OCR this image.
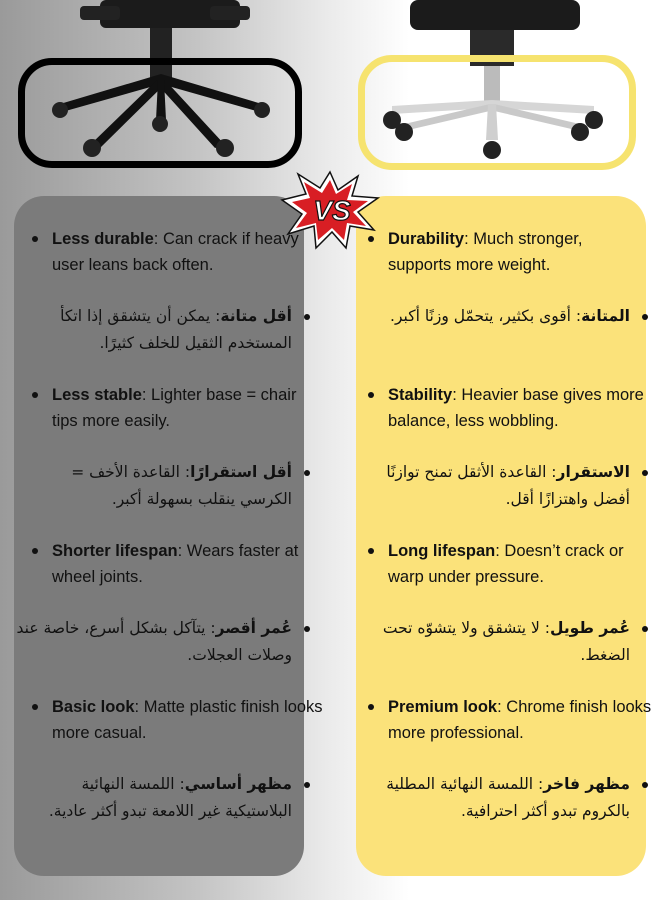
VS
Less durable: Can crack if heavy user leans back often.
أقل متانة: يمكن أن يتشقق إذا اتكأ المستخدم الثقيل للخلف كثيرًا.
Less stable: Lighter base = chair tips more easily.
أقل استقرارًا: القاعدة الأخف = الكرسي ينقلب بسهولة أكبر.
Shorter lifespan: Wears faster at wheel joints.
عُمر أقصر: يتآكل بشكل أسرع، خاصة عند وصلات العجلات.
Basic look: Matte plastic finish looks more casual.
مظهر أساسي: اللمسة النهائية البلاستيكية غير اللامعة تبدو أكثر عادية.
Durability: Much stronger, supports more weight.
المتانة: أقوى بكثير، يتحمّل وزنًا أكبر.
Stability: Heavier base gives more balance, less wobbling.
الاستقرار: القاعدة الأثقل تمنح توازنًا أفضل واهتزازًا أقل.
Long lifespan: Doesn’t crack or warp under pressure.
عُمر طويل: لا يتشقق ولا يتشوّه تحت الضغط.
Premium look: Chrome finish looks more professional.
مظهر فاخر: اللمسة النهائية المطلية بالكروم تبدو أكثر احترافية.
